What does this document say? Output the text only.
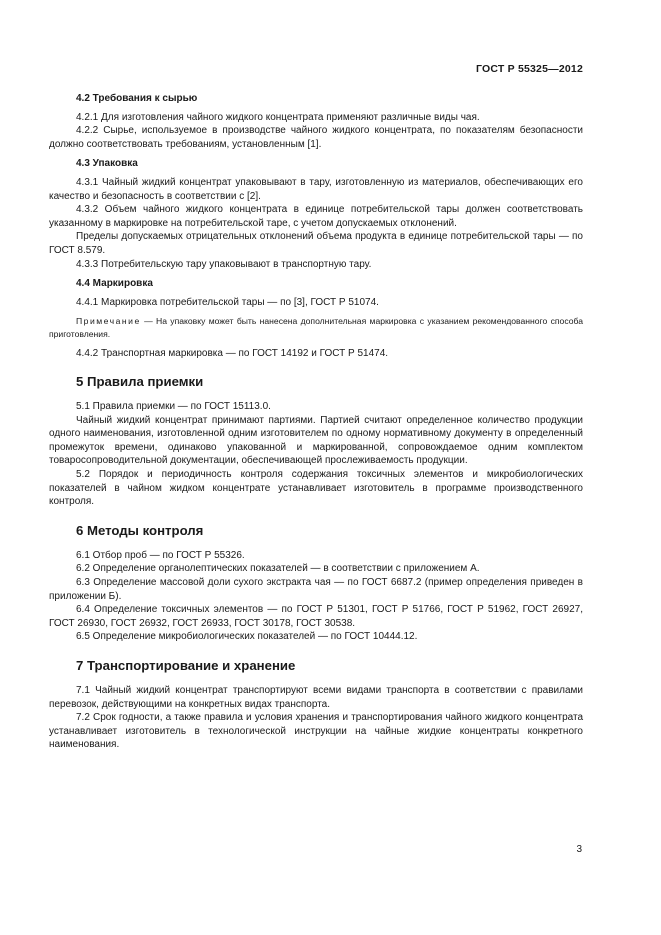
ГОСТ Р 55325—2012
4.2 Требования к сырью

4.2.1 Для изготовления чайного жидкого концентрата применяют различные виды чая.

4.2.2 Сырье, используемое в производстве чайного жидкого концентрата, по показателям безопасности должно соответствовать требованиям, установленным [1].

4.3 Упаковка

4.3.1 Чайный жидкий концентрат упаковывают в тару, изготовленную из материалов, обеспечивающих его качество и безопасность в соответствии с [2].

4.3.2 Объем чайного жидкого концентрата в единице потребительской тары должен соответствовать указанному в маркировке на потребительской таре, с учетом допускаемых отклонений.

Пределы допускаемых отрицательных отклонений объема продукта в единице потребительской тары — по ГОСТ 8.579.

4.3.3 Потребительскую тару упаковывают в транспортную тару.

4.4 Маркировка

4.4.1 Маркировка потребительской тары — по [3], ГОСТ Р 51074.

Примечание — На упаковку может быть нанесена дополнительная маркировка с указанием рекомендованного способа приготовления.

4.4.2 Транспортная маркировка — по ГОСТ 14192 и ГОСТ Р 51474.

5 Правила приемки

5.1 Правила приемки — по ГОСТ 15113.0.

Чайный жидкий концентрат принимают партиями. Партией считают определенное количество продукции одного наименования, изготовленной одним изготовителем по одному нормативному документу в определенный промежуток времени, одинаково упакованной и маркированной, сопровождаемое одним комплектом товаросопроводительной документации, обеспечивающей прослеживаемость продукции.

5.2 Порядок и периодичность контроля содержания токсичных элементов и микробиологических показателей в чайном жидком концентрате устанавливает изготовитель в программе производственного контроля.

6 Методы контроля

6.1 Отбор проб — по ГОСТ Р 55326.

6.2 Определение органолептических показателей — в соответствии с приложением А.

6.3 Определение массовой доли сухого экстракта чая — по ГОСТ 6687.2 (пример определения приведен в приложении Б).

6.4 Определение токсичных элементов — по ГОСТ Р 51301, ГОСТ Р 51766, ГОСТ Р 51962, ГОСТ 26927, ГОСТ 26930, ГОСТ 26932, ГОСТ 26933, ГОСТ 30178, ГОСТ 30538.

6.5 Определение микробиологических показателей — по ГОСТ 10444.12.

7 Транспортирование и хранение

7.1 Чайный жидкий концентрат транспортируют всеми видами транспорта в соответствии с правилами перевозок, действующими на конкретных видах транспорта.

7.2 Срок годности, а также правила и условия хранения и транспортирования чайного жидкого концентрата устанавливает изготовитель в технологической инструкции на чайные жидкие концентраты конкретного наименования.

3
